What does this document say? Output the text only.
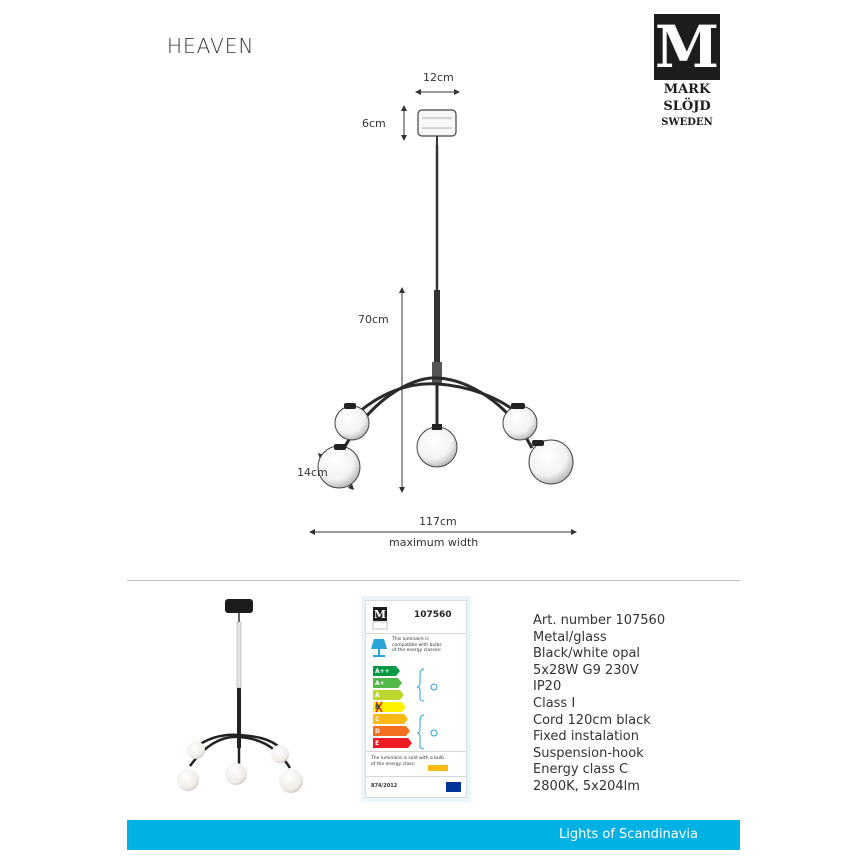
HEAVEN	M
MARK
SLÖJD
SWEDEN
12cm
6cm
70cm
14cm
117cm
maximum width
M	107560
This luminaire is
compatible with bulbs
of the energy classes:
A++
A+
A
B
C
D
E
The luminaire is sold with a bulb
of the energy class:
874/2012
Art. number 107560
Metal/glass
Black/white opal
5x28W G9 230V
IP20
Class I
Cord 120cm black
Fixed instalation
Suspension-hook
Energy class C
2800K, 5x204lm
Lights of Scandinavia
